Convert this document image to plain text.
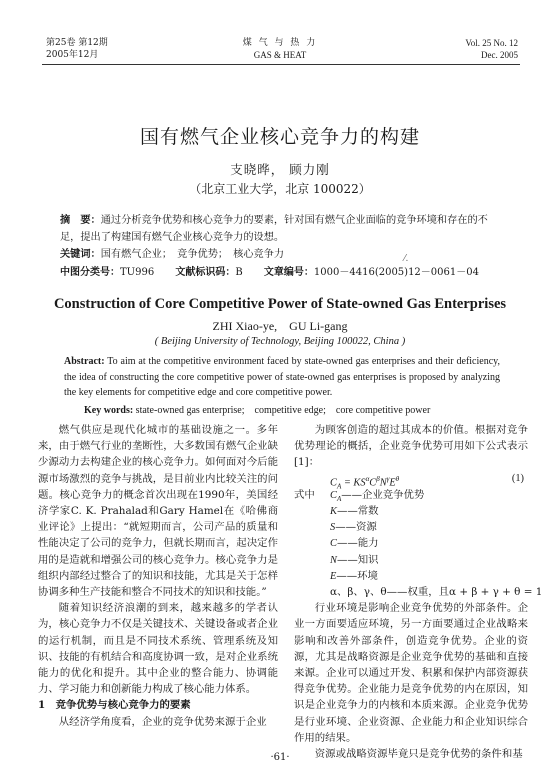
第25卷 第12期
2005年12月
煤 气 与 热 力
GAS & HEAT
Vol. 25 No. 12
Dec. 2005
国有燃气企业核心竞争力的构建
支晓晔， 顾力刚
（北京工业大学，北京 100022）
摘　要：通过分析竞争优势和核心竞争力的要素，针对国有燃气企业面临的竞争环境和存在的不足，提出了构建国有燃气企业核心竞争力的设想。
关键词：国有燃气企业；　竞争优势；　核心竞争力	⁄.
中图分类号：TU996 文献标识码：B 文章编号：1000－4416(2005)12－0061－04
Construction of Core Competitive Power of State-owned Gas Enterprises
ZHI Xiao-ye,　GU Li-gang
( Beijing University of Technology, Beijing 100022, China )
Abstract: To aim at the competitive environment faced by state-owned gas enterprises and their deficiency, the idea of constructing the core competitive power of state-owned gas enterprises is proposed by analyzing the key elements for competitive edge and core competitive power.
Key words: state-owned gas enterprise;　competitive edge;　core competitive power

燃气供应是现代化城市的基础设施之一。多年来，由于燃气行业的垄断性，大多数国有燃气企业缺少源动力去构建企业的核心竞争力。如何面对今后能源市场激烈的竞争与挑战，是目前业内比较关注的问题。核心竞争力的概念首次出现在1990年，美国经济学家C. K. Prahalad和Gary Hamel在《哈佛商业评论》上提出：“就短期而言，公司产品的质量和性能决定了公司的竞争力，但就长期而言，起决定作用的是造就和增强公司的核心竞争力。核心竞争力是组织内部经过整合了的知识和技能，尤其是关于怎样协调多种生产技能和整合不同技术的知识和技能。”

随着知识经济浪潮的到来，越来越多的学者认为，核心竞争力不仅是关键技术、关键设备或者企业的运行机制，而且是不同技术系统、管理系统及知识、技能的有机结合和高度协调一致，是对企业系统能力的优化和提升。其中企业的整合能力、协调能力、学习能力和创新能力构成了核心能力体系。

1　竞争优势与核心竞争力的要素

从经济学角度看，企业的竞争优势来源于企业

为顾客创造的超过其成本的价值。根据对竞争优势理论的概括，企业竞争优势可用如下公式表示[1]：

$C_A = KS^\alpha C^\beta N^\gamma E^\theta$	(1)
式中 $C_A——$企业竞争优势
K——常数
S——资源
C——能力
N——知识
E——环境
α、β、γ、θ——权重，且α + β + γ + θ = 1

行业环境是影响企业竞争优势的外部条件。企业一方面要适应环境，另一方面要通过企业战略来影响和改善外部条件，创造竞争优势。企业的资源，尤其是战略资源是企业竞争优势的基础和直接来源。企业可以通过开发、积累和保护内部资源获得竞争优势。企业能力是竞争优势的内在原因，知识是企业竞争力的内核和本质来源。企业竞争优势是行业环境、企业资源、企业能力和企业知识综合作用的结果。

资源或战略资源毕竟只是竞争优势的条件和基

·61·
